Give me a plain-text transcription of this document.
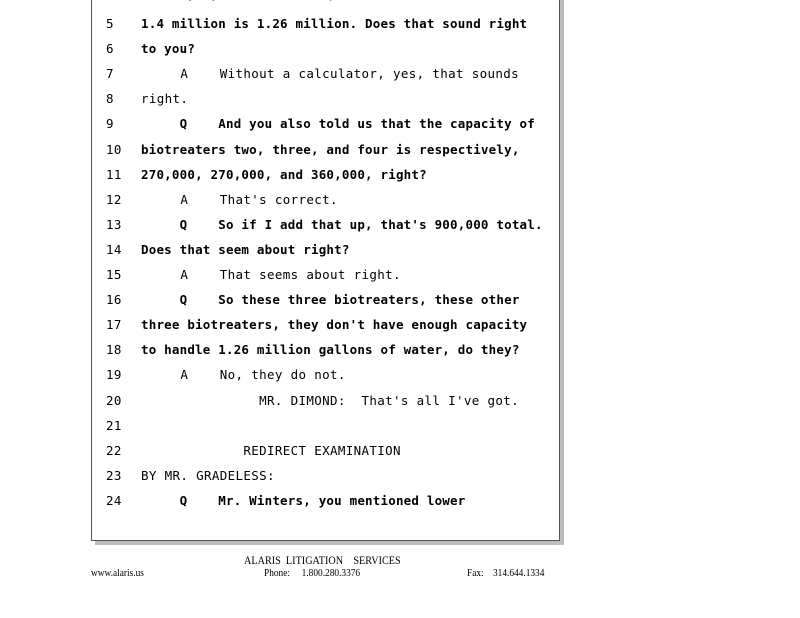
5	1.4 million is 1.26 million. Does that sound right
6	to you?
7	A    Without a calculator, yes, that sounds
8	right.
9	Q    And you also told us that the capacity of
10	biotreaters two, three, and four is respectively,
11	270,000, 270,000, and 360,000, right?
12	A    That's correct.
13	Q    So if I add that up, that's 900,000 total.
14	Does that seem about right?
15	A    That seems about right.
16	Q    So these three biotreaters, these other
17	three biotreaters, they don't have enough capacity
18	to handle 1.26 million gallons of water, do they?
19	A    No, they do not.
20	MR. DIMOND:  That's all I've got.
21
22	REDIRECT EXAMINATION
23	BY MR. GRADELESS:
24	Q    Mr. Winters, you mentioned lower
ALARIS  LITIGATION    SERVICES
www.alaris.us	Phone:     1.800.280.3376	Fax:    314.644.1334
